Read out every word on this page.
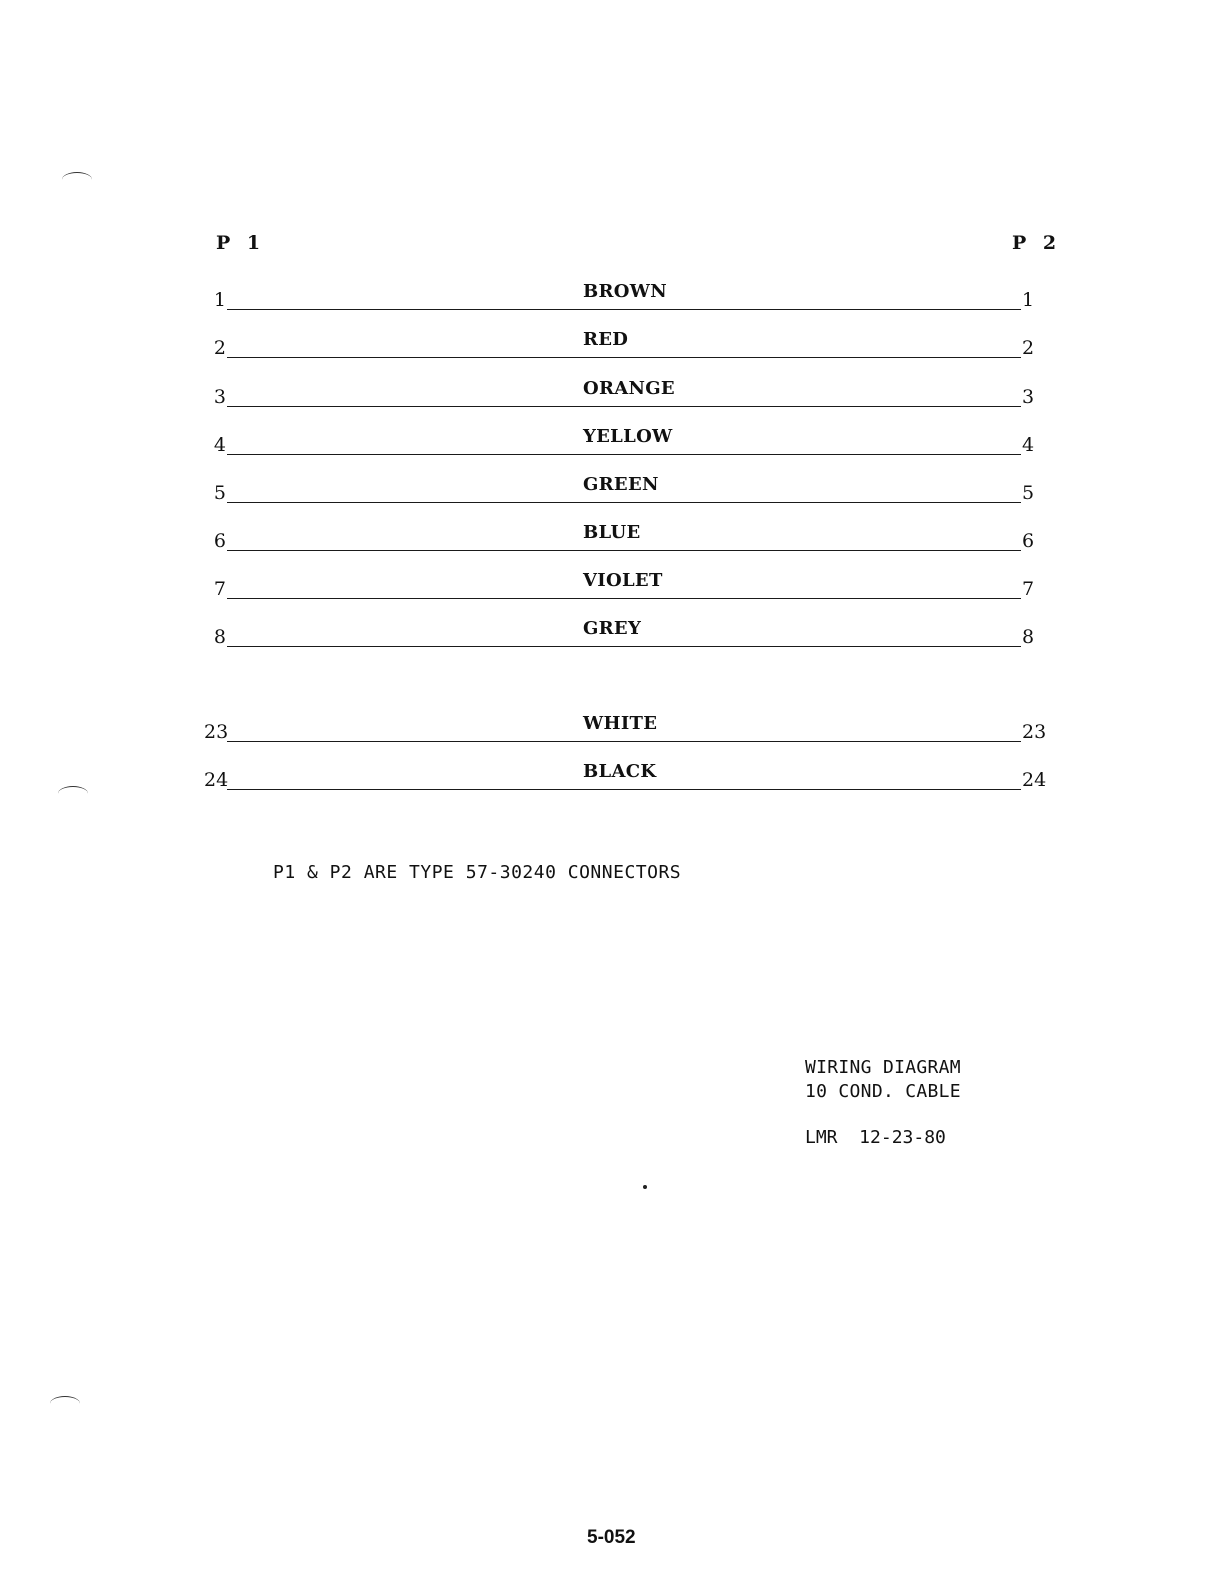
P 1	P 2
1	BROWN	1
2	RED	2
3	ORANGE	3
4	YELLOW	4
5	GREEN	5
6	BLUE	6
7	VIOLET	7
8	GREY	8
23	WHITE	23
24	BLACK	24
P1 & P2 ARE TYPE 57-30240 CONNECTORS
WIRING DIAGRAM
10 COND. CABLE
LMR  12-23-80
5-052
